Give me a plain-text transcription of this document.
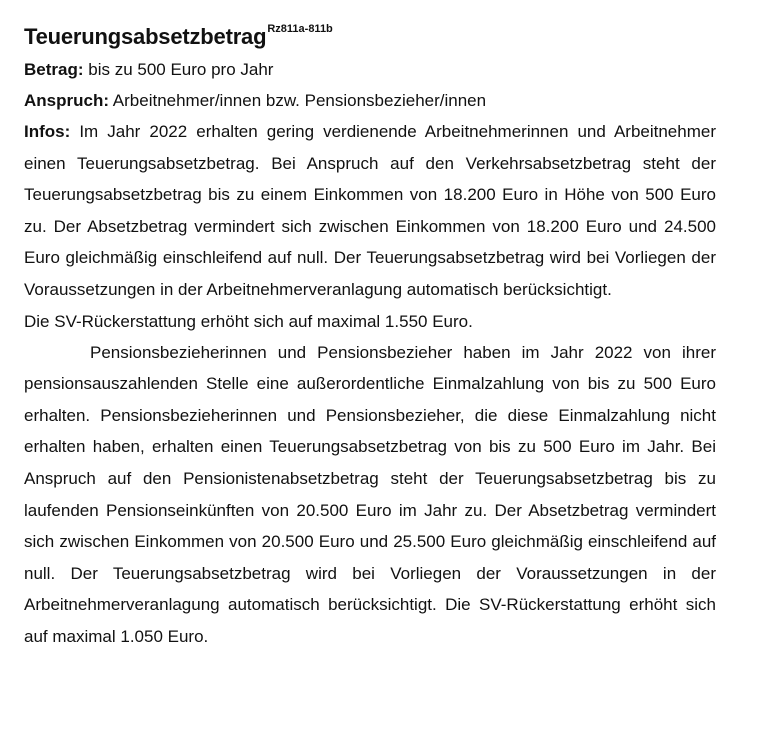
Teuerungsabsetzbetrag$^{Rz811a-811b}$

Betrag: bis zu 500 Euro pro Jahr

Anspruch: Arbeitnehmer/innen bzw. Pensionsbezieher/innen

Infos: Im Jahr 2022 erhalten gering verdienende Arbeitnehmerinnen und Arbeitnehmer einen Teuerungsabsetzbetrag. Bei Anspruch auf den Verkehrsabsetzbetrag steht der Teuerungsabsetzbetrag bis zu einem Einkommen von 18.200 Euro in Höhe von 500 Euro zu. Der Absetzbetrag vermindert sich zwischen Einkommen von 18.200 Euro und 24.500 Euro gleichmäßig einschleifend auf null. Der Teuerungsabsetzbetrag wird bei Vorliegen der Voraussetzungen in der Arbeitnehmerveranlagung automatisch berücksichtigt.

Die SV-Rückerstattung erhöht sich auf maximal 1.550 Euro.

Pensionsbezieherinnen und Pensionsbezieher haben im Jahr 2022 von ihrer pensionsauszahlenden Stelle eine außerordentliche Einmalzahlung von bis zu 500 Euro erhalten. Pensionsbezieherinnen und Pensionsbezieher, die diese Einmalzahlung nicht erhalten haben, erhalten einen Teuerungsabsetzbetrag von bis zu 500 Euro im Jahr. Bei Anspruch auf den Pensionistenabsetzbetrag steht der Teuerungsabsetzbetrag bis zu laufenden Pensionseinkünften von 20.500 Euro im Jahr zu. Der Absetzbetrag vermindert sich zwischen Einkommen von 20.500 Euro und 25.500 Euro gleichmäßig einschleifend auf null. Der Teuerungsabsetzbetrag wird bei Vorliegen der Voraussetzungen in der Arbeitnehmerveranlagung automatisch berücksichtigt. Die SV-Rückerstattung erhöht sich auf maximal 1.050 Euro.
